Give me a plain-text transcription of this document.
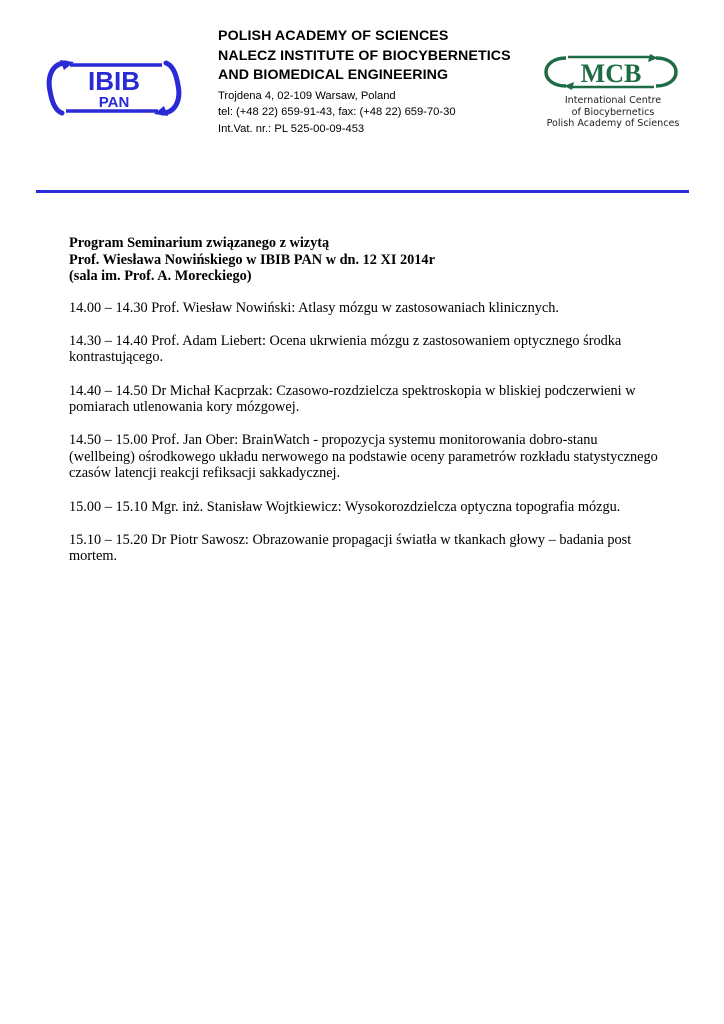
IBIB
PAN
POLISH ACADEMY OF SCIENCES
NALECZ INSTITUTE OF BIOCYBERNETICS
AND BIOMEDICAL ENGINEERING
Trojdena 4, 02-109 Warsaw, Poland
tel: (+48 22) 659-91-43, fax: (+48 22) 659-70-30
Int.Vat. nr.: PL 525-00-09-453
MCB
International Centre
of Biocybernetics
Polish Academy of Sciences
Program Seminarium związanego z wizytą
Prof. Wiesława Nowińskiego w IBIB PAN w dn. 12 XI 2014r
(sala im. Prof. A. Moreckiego)
14.00 – 14.30 Prof. Wiesław Nowiński: Atlasy mózgu w zastosowaniach klinicznych.
14.30 – 14.40 Prof. Adam Liebert: Ocena ukrwienia mózgu z zastosowaniem optycznego środka kontrastującego.
14.40 – 14.50 Dr Michał Kacprzak: Czasowo-rozdzielcza spektroskopia w bliskiej podczerwieni w pomiarach utlenowania kory mózgowej.
14.50 – 15.00 Prof. Jan Ober: BrainWatch - propozycja systemu monitorowania dobro-stanu (wellbeing) ośrodkowego układu nerwowego na podstawie oceny parametrów rozkładu statystycznego czasów latencji reakcji refiksacji sakkadycznej.
15.00 – 15.10 Mgr. inż. Stanisław Wojtkiewicz: Wysokorozdzielcza optyczna topografia mózgu.
15.10 – 15.20 Dr Piotr Sawosz: Obrazowanie propagacji światła w tkankach głowy – badania post mortem.
